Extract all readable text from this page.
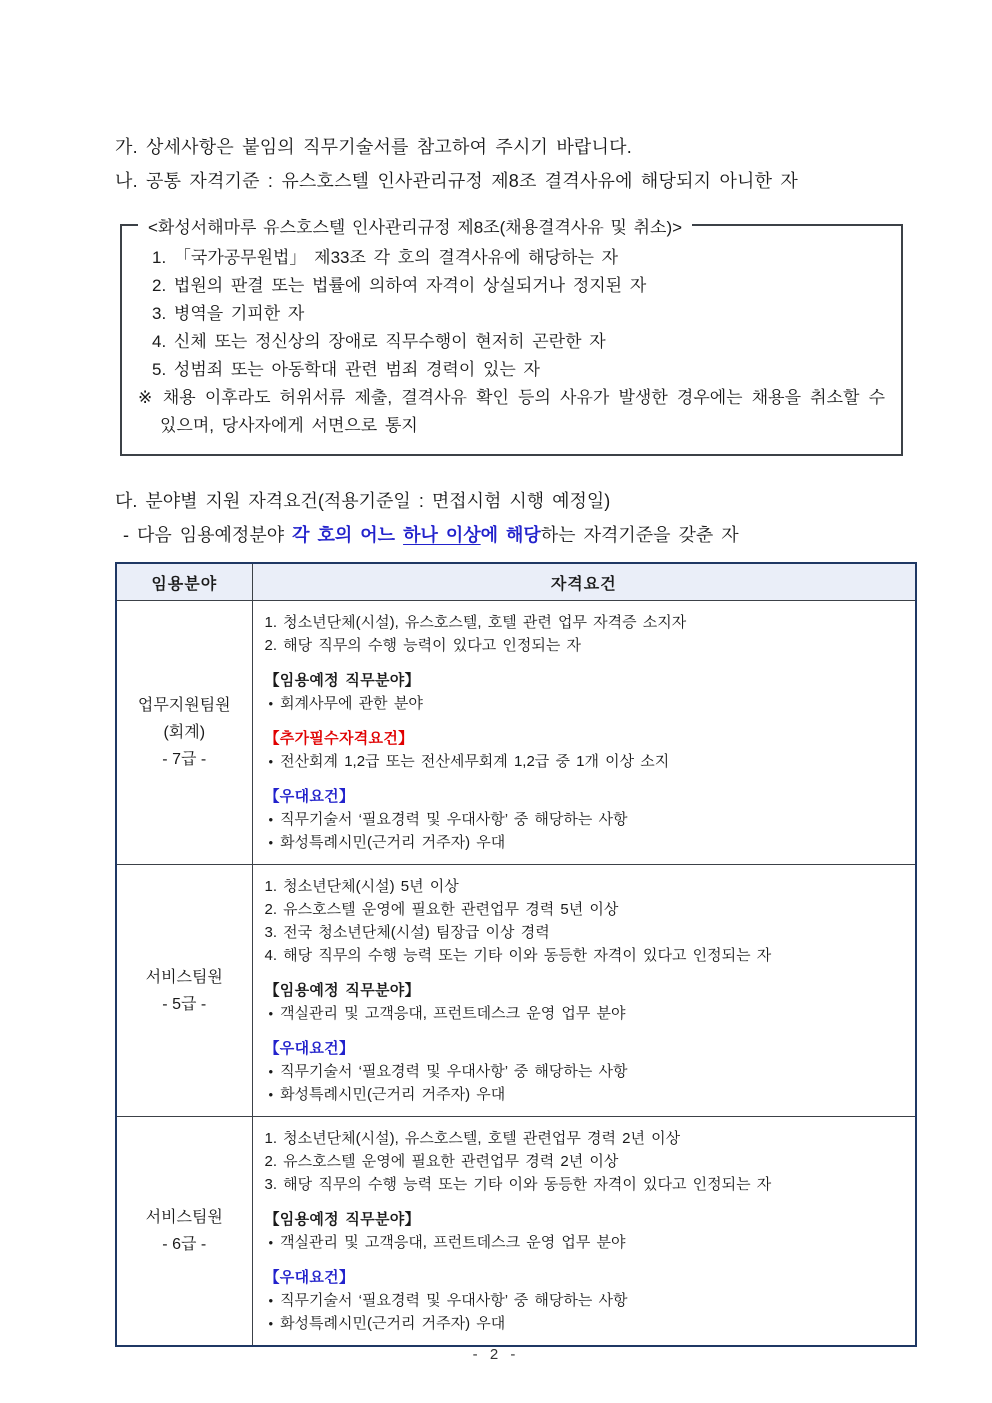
가. 상세사항은 붙임의 직무기술서를 참고하여 주시기 바랍니다.
나. 공통 자격기준 : 유스호스텔 인사관리규정 제8조 결격사유에 해당되지 아니한 자
<화성서해마루 유스호스텔 인사관리규정 제8조(채용결격사유 및 취소)>
1. 「국가공무원법」 제33조 각 호의 결격사유에 해당하는 자
2. 법원의 판결 또는 법률에 의하여 자격이 상실되거나 정지된 자
3. 병역을 기피한 자
4. 신체 또는 정신상의 장애로 직무수행이 현저히 곤란한 자
5. 성범죄 또는 아동학대 관련 범죄 경력이 있는 자
※ 채용 이후라도 허위서류 제출, 결격사유 확인 등의 사유가 발생한 경우에는 채용을 취소할 수 있으며, 당사자에게 서면으로 통지
다. 분야별 지원 자격요건(적용기준일 : 면접시험 시행 예정일)
- 다음 임용예정분야 각 호의 어느 하나 이상에 해당하는 자격기준을 갖춘 자
임용분야	자격요건

업무지원팀원
(회계)
- 7급 -

1. 청소년단체(시설), 유스호스텔, 호텔 관련 업무 자격증 소지자
2. 해당 직무의 수행 능력이 있다고 인정되는 자
【임용예정 직무분야】
• 회계사무에 관한 분야
【추가필수자격요건】
• 전산회계 1,2급 또는 전산세무회계 1,2급 중 1개 이상 소지
【우대요건】
• 직무기술서 ‘필요경력 및 우대사항’ 중 해당하는 사항
• 화성특례시민(근거리 거주자) 우대

서비스팀원
- 5급 -

1. 청소년단체(시설) 5년 이상
2. 유스호스텔 운영에 필요한 관련업무 경력 5년 이상
3. 전국 청소년단체(시설) 팀장급 이상 경력
4. 해당 직무의 수행 능력 또는 기타 이와 동등한 자격이 있다고 인정되는 자
【임용예정 직무분야】
• 객실관리 및 고객응대, 프런트데스크 운영 업무 분야
【우대요건】
• 직무기술서 ‘필요경력 및 우대사항’ 중 해당하는 사항
• 화성특례시민(근거리 거주자) 우대

서비스팀원
- 6급 -

1. 청소년단체(시설), 유스호스텔, 호텔 관련업무 경력 2년 이상
2. 유스호스텔 운영에 필요한 관련업무 경력 2년 이상
3. 해당 직무의 수행 능력 또는 기타 이와 동등한 자격이 있다고 인정되는 자
【임용예정 직무분야】
• 객실관리 및 고객응대, 프런트데스크 운영 업무 분야
【우대요건】
• 직무기술서 ‘필요경력 및 우대사항’ 중 해당하는 사항
• 화성특례시민(근거리 거주자) 우대
- 2 -
